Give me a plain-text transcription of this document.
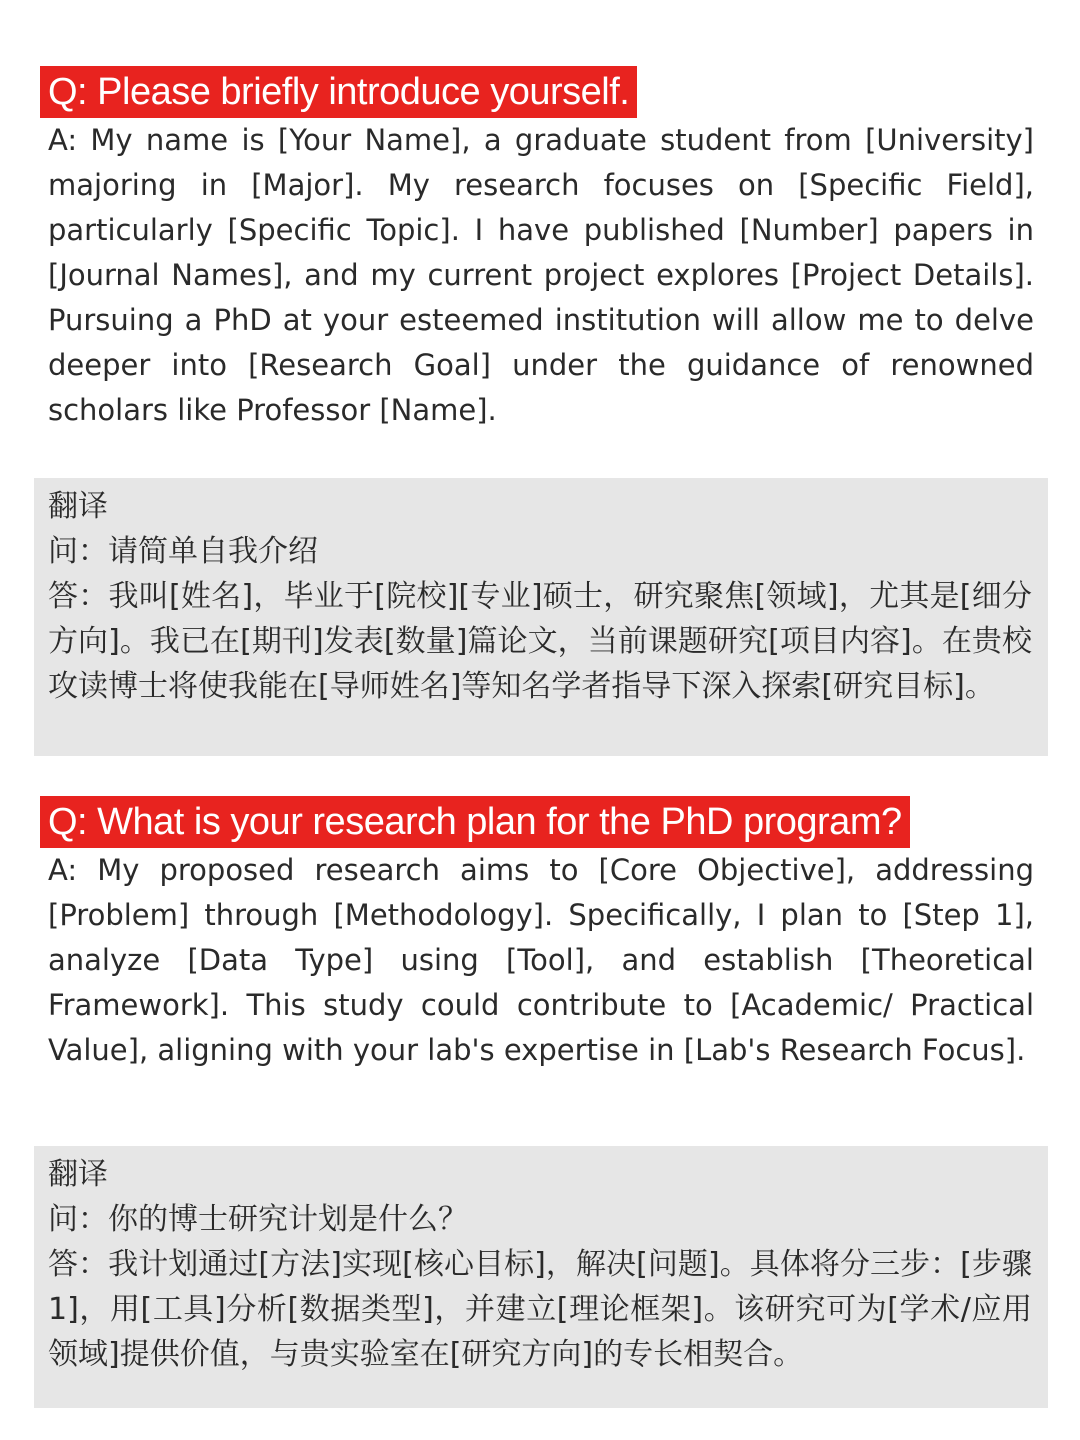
Q: Please briefly introduce yourself.
A: My name is [Your Name], a graduate student from [University] majoring in [Major]. My research focuses on [Specific Field], particularly [Specific Topic]. I have published [Number] papers in [Journal Names], and my current project explores [Project Details]. Pursuing a PhD at your esteemed institution will allow me to delve deeper into [Research Goal] under the guidance of renowned scholars like Professor [Name].
翻译
问：请简单自我介绍
答：我叫[姓名]，毕业于[院校][专业]硕士，研究聚焦[领域]，尤其是[细分方向]。我已在[期刊]发表[数量]篇论文，当前课题研究[项目内容]。在贵校攻读博士将使我能在[导师姓名]等知名学者指导下深入探索[研究目标]。
Q: What is your research plan for the PhD program?
A: My proposed research aims to [Core Objective], addressing [Problem] through [Methodology]. Specifically, I plan to [Step 1], analyze [Data Type] using [Tool], and establish [Theoretical Framework]. This study could contribute to [Academic/ Practical Value], aligning with your lab's expertise in [Lab's Research Focus].
翻译
问：你的博士研究计划是什么？
答：我计划通过[方法]实现[核心目标]，解决[问题]。具体将分三步：[步骤1]，用[工具]分析[数据类型]，并建立[理论框架]。该研究可为[学术/应用领域]提供价值，与贵实验室在[研究方向]的专长相契合。
